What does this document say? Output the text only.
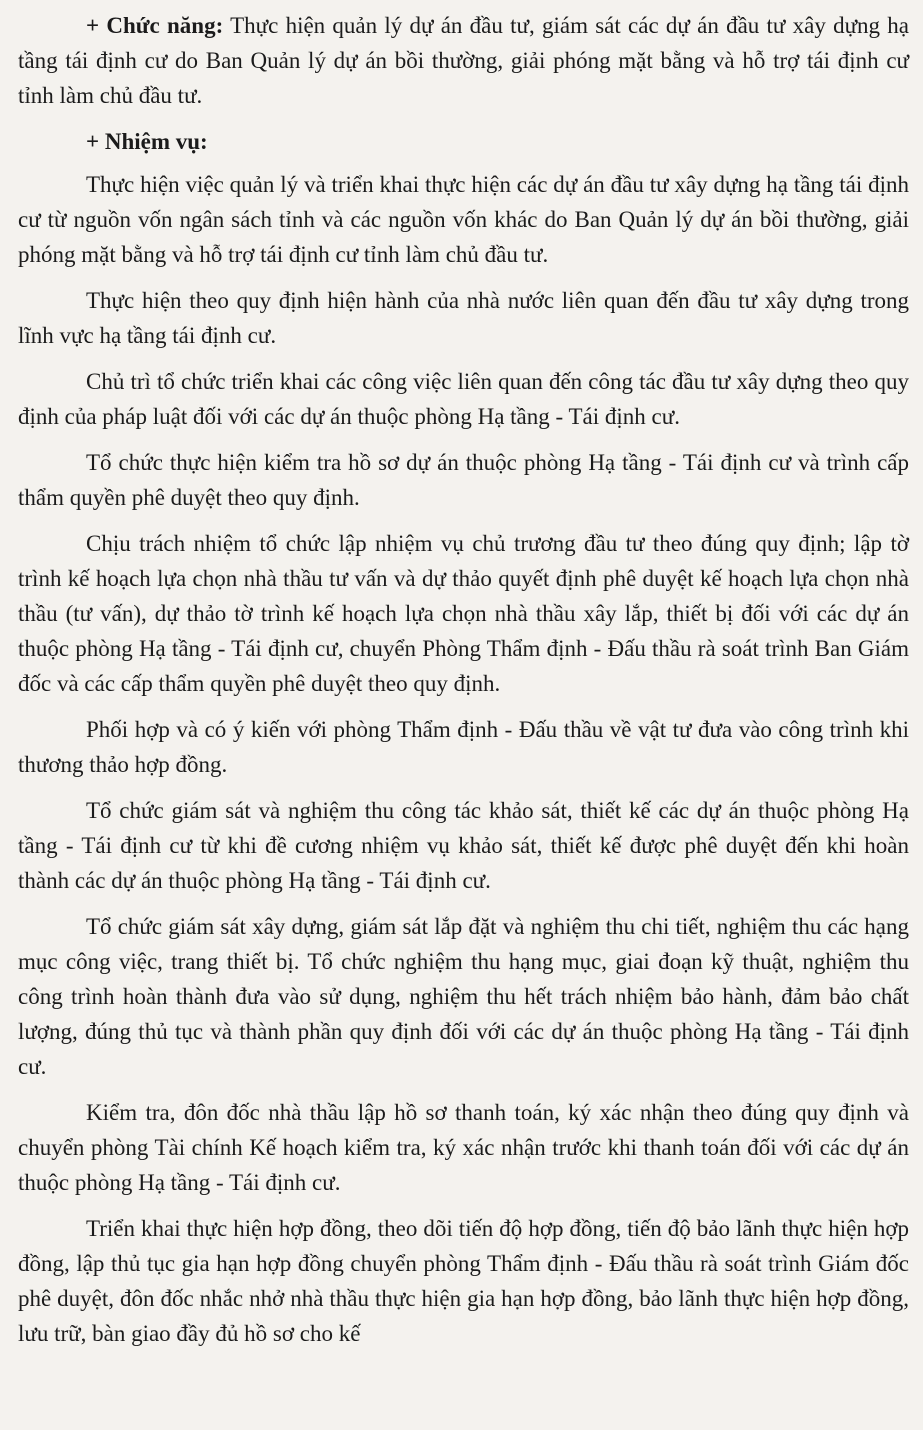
+ Chức năng: Thực hiện quản lý dự án đầu tư, giám sát các dự án đầu tư xây dựng hạ tầng tái định cư do Ban Quản lý dự án bồi thường, giải phóng mặt bằng và hỗ trợ tái định cư tỉnh làm chủ đầu tư.

+ Nhiệm vụ:

Thực hiện việc quản lý và triển khai thực hiện các dự án đầu tư xây dựng hạ tầng tái định cư từ nguồn vốn ngân sách tỉnh và các nguồn vốn khác do Ban Quản lý dự án bồi thường, giải phóng mặt bằng và hỗ trợ tái định cư tỉnh làm chủ đầu tư.

Thực hiện theo quy định hiện hành của nhà nước liên quan đến đầu tư xây dựng trong lĩnh vực hạ tầng tái định cư.

Chủ trì tổ chức triển khai các công việc liên quan đến công tác đầu tư xây dựng theo quy định của pháp luật đối với các dự án thuộc phòng Hạ tầng - Tái định cư.

Tổ chức thực hiện kiểm tra hồ sơ dự án thuộc phòng Hạ tầng - Tái định cư và trình cấp thẩm quyền phê duyệt theo quy định.

Chịu trách nhiệm tổ chức lập nhiệm vụ chủ trương đầu tư theo đúng quy định; lập tờ trình kế hoạch lựa chọn nhà thầu tư vấn và dự thảo quyết định phê duyệt kế hoạch lựa chọn nhà thầu (tư vấn), dự thảo tờ trình kế hoạch lựa chọn nhà thầu xây lắp, thiết bị đối với các dự án thuộc phòng Hạ tầng - Tái định cư, chuyển Phòng Thẩm định - Đấu thầu rà soát trình Ban Giám đốc và các cấp thẩm quyền phê duyệt theo quy định.

Phối hợp và có ý kiến với phòng Thẩm định - Đấu thầu về vật tư đưa vào công trình khi thương thảo hợp đồng.

Tổ chức giám sát và nghiệm thu công tác khảo sát, thiết kế các dự án thuộc phòng Hạ tầng - Tái định cư từ khi đề cương nhiệm vụ khảo sát, thiết kế được phê duyệt đến khi hoàn thành các dự án thuộc phòng Hạ tầng - Tái định cư.

Tổ chức giám sát xây dựng, giám sát lắp đặt và nghiệm thu chi tiết, nghiệm thu các hạng mục công việc, trang thiết bị. Tổ chức nghiệm thu hạng mục, giai đoạn kỹ thuật, nghiệm thu công trình hoàn thành đưa vào sử dụng, nghiệm thu hết trách nhiệm bảo hành, đảm bảo chất lượng, đúng thủ tục và thành phần quy định đối với các dự án thuộc phòng Hạ tầng - Tái định cư.

Kiểm tra, đôn đốc nhà thầu lập hồ sơ thanh toán, ký xác nhận theo đúng quy định và chuyển phòng Tài chính Kế hoạch kiểm tra, ký xác nhận trước khi thanh toán đối với các dự án thuộc phòng Hạ tầng - Tái định cư.

Triển khai thực hiện hợp đồng, theo dõi tiến độ hợp đồng, tiến độ bảo lãnh thực hiện hợp đồng, lập thủ tục gia hạn hợp đồng chuyển phòng Thẩm định - Đấu thầu rà soát trình Giám đốc phê duyệt, đôn đốc nhắc nhở nhà thầu thực hiện gia hạn hợp đồng, bảo lãnh thực hiện hợp đồng, lưu trữ, bàn giao đầy đủ hồ sơ cho kế
